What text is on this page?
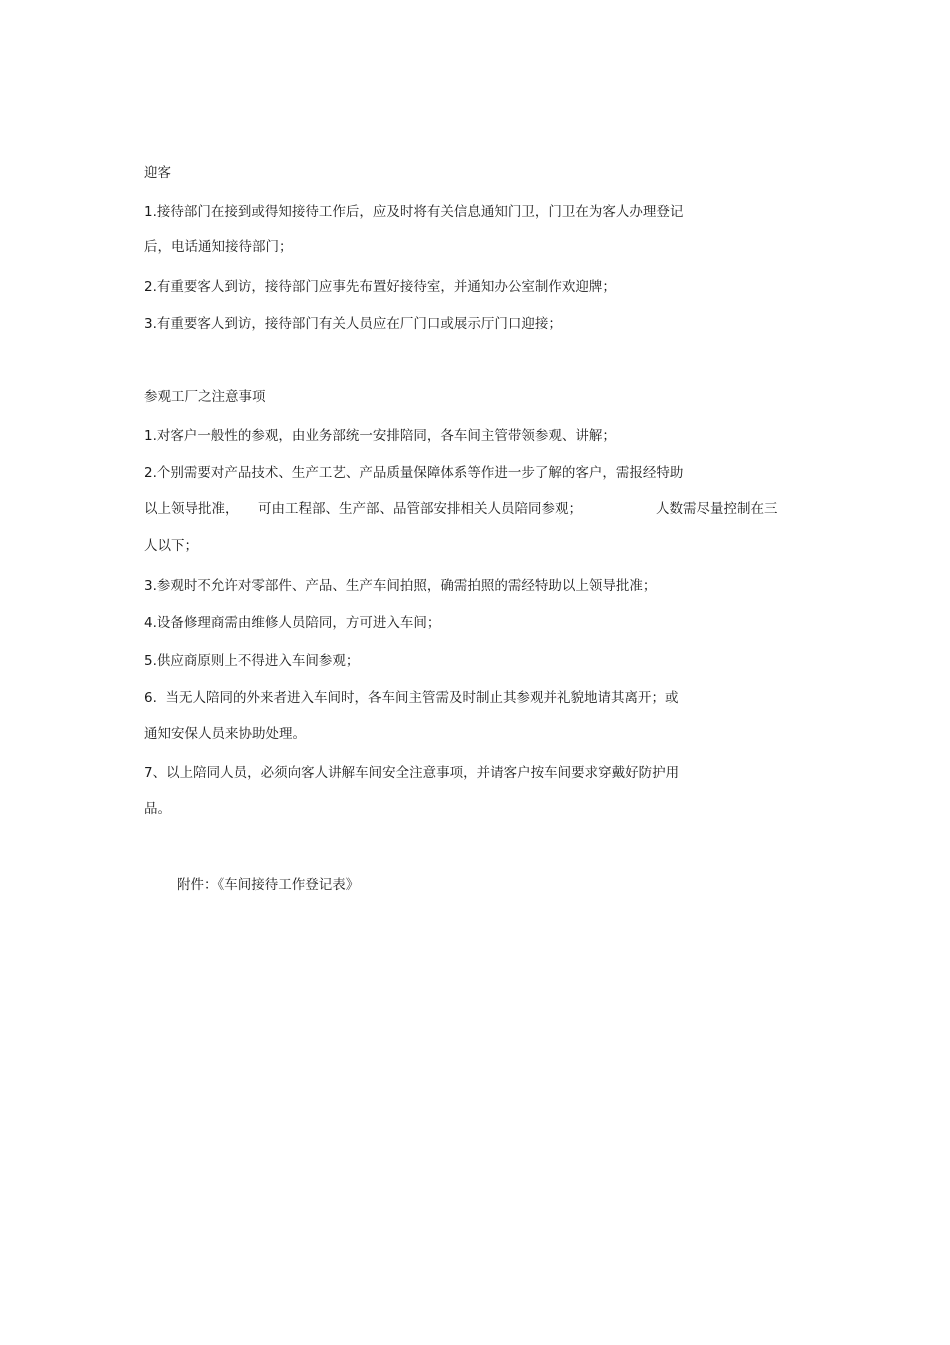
迎客
1.接待部门在接到或得知接待工作后，应及时将有关信息通知门卫，门卫在为客人办理登记
后，电话通知接待部门；
2.有重要客人到访，接待部门应事先布置好接待室，并通知办公室制作欢迎牌；
3.有重要客人到访，接待部门有关人员应在厂门口或展示厅门口迎接；
参观工厂之注意事项
1.对客户一般性的参观，由业务部统一安排陪同，各车间主管带领参观、讲解；
2.个别需要对产品技术、生产工艺、产品质量保障体系等作进一步了解的客户，需报经特助
以上领导批准， 可由工程部、生产部、品管部安排相关人员陪同参观；	人数需尽量控制在三
人以下；
3.参观时不允许对零部件、产品、生产车间拍照，确需拍照的需经特助以上领导批准；
4.设备修理商需由维修人员陪同，方可进入车间；
5.供应商原则上不得进入车间参观；
6.  当无人陪同的外来者进入车间时，各车间主管需及时制止其参观并礼貌地请其离开；或
通知安保人员来协助处理。
7、以上陪同人员，必须向客人讲解车间安全注意事项，并请客户按车间要求穿戴好防护用
品。
附件：《车间接待工作登记表》
